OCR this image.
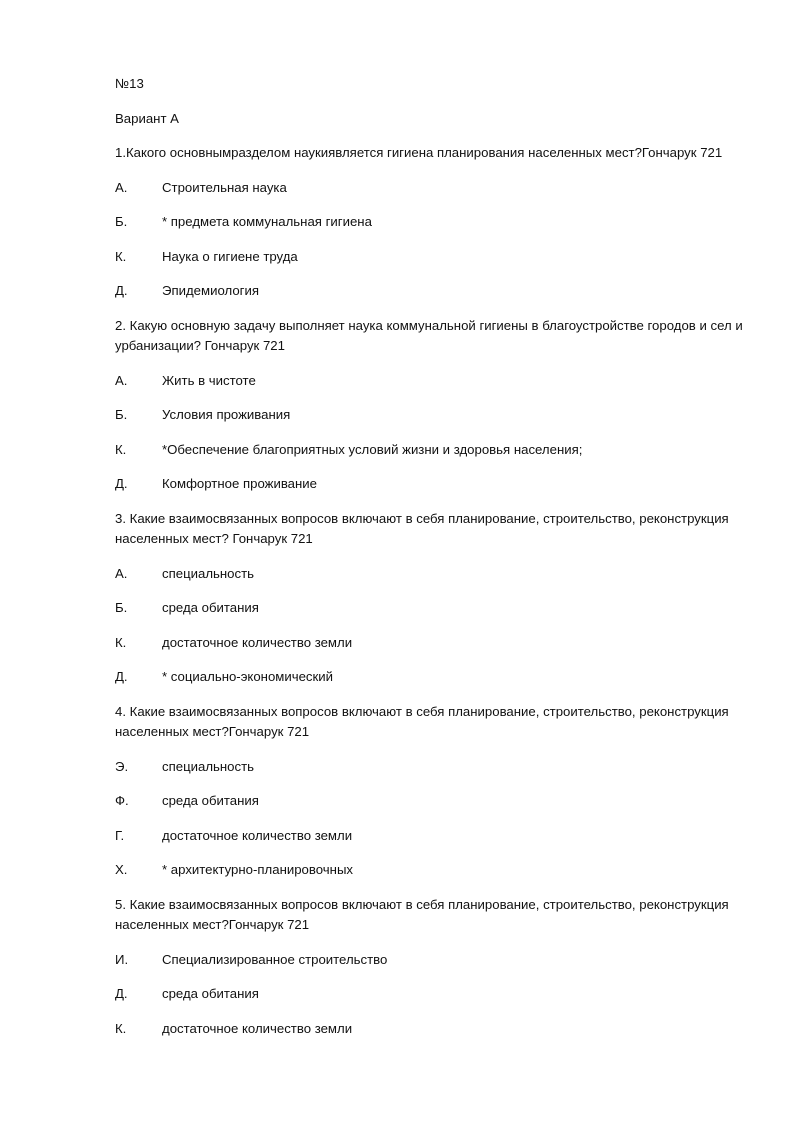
№13

Вариант А

1.Какого основнымразделом наукиявляется гигиена планирования населенных мест?Гончарук 721

А.	Строительная наука
Б.	* предмета коммунальная гигиена
К.	Наука о гигиене труда
Д.	Эпидемиология

2. Какую основную задачу выполняет наука коммунальной гигиены в благоустройстве городов и сел и урбанизации? Гончарук 721

А.	Жить в чистоте
Б.	Условия проживания
К.	*Обеспечение благоприятных условий жизни и здоровья населения;
Д.	Комфортное проживание

3. Какие взаимосвязанных вопросов включают в себя планирование, строительство, реконструкция населенных мест? Гончарук 721

А.	специальность
Б.	среда обитания
К.	достаточное количество земли
Д.	* социально-экономический

4. Какие взаимосвязанных вопросов включают в себя планирование, строительство, реконструкция населенных мест?Гончарук 721

Э.	специальность
Ф.	среда обитания
Г.	достаточное количество земли
Х.	* архитектурно-планировочных

5. Какие взаимосвязанных вопросов включают в себя планирование, строительство, реконструкция населенных мест?Гончарук 721

И.	Специализированное строительство
Д.	среда обитания
К.	достаточное количество земли
